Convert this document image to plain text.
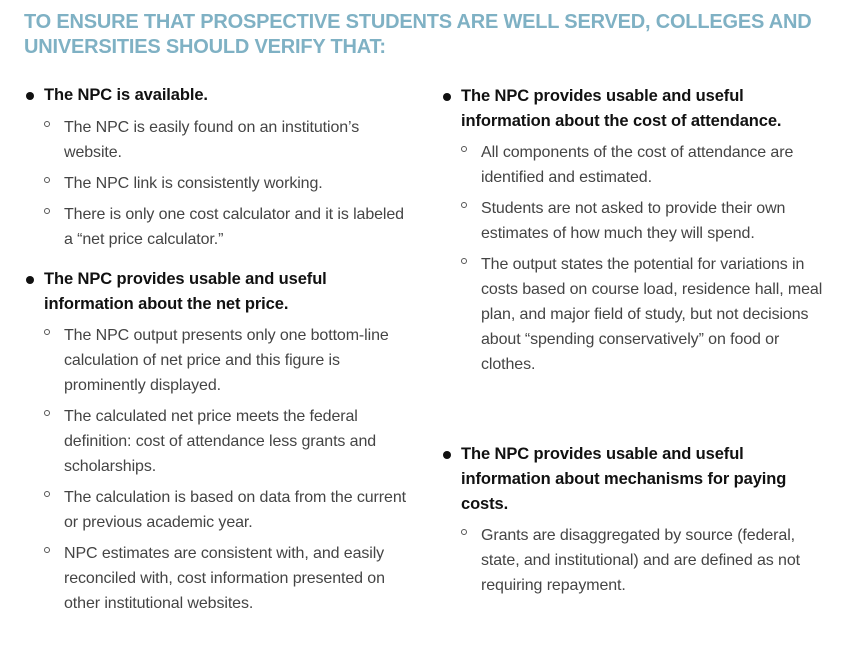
TO ENSURE THAT PROSPECTIVE STUDENTS ARE WELL SERVED, COLLEGES AND UNIVERSITIES SHOULD VERIFY THAT:
The NPC is available.
The NPC is easily found on an institution’s website.
The NPC link is consistently working.
There is only one cost calculator and it is labeled a “net price calculator.”
The NPC provides usable and useful information about the net price.
The NPC output presents only one bottom-line calculation of net price and this figure is prominently displayed.
The calculated net price meets the federal definition: cost of attendance less grants and scholarships.
The calculation is based on data from the current or previous academic year.
NPC estimates are consistent with, and easily reconciled with, cost information presented on other institutional websites.
The NPC provides usable and useful information about the cost of attendance.
All components of the cost of attendance are identified and estimated.
Students are not asked to provide their own estimates of how much they will spend.
The output states the potential for variations in costs based on course load, residence hall, meal plan, and major field of study, but not decisions about “spending conservatively” on food or clothes.
The NPC provides usable and useful information about mechanisms for paying costs.
Grants are disaggregated by source (federal, state, and institutional) and are defined as not requiring repayment.
